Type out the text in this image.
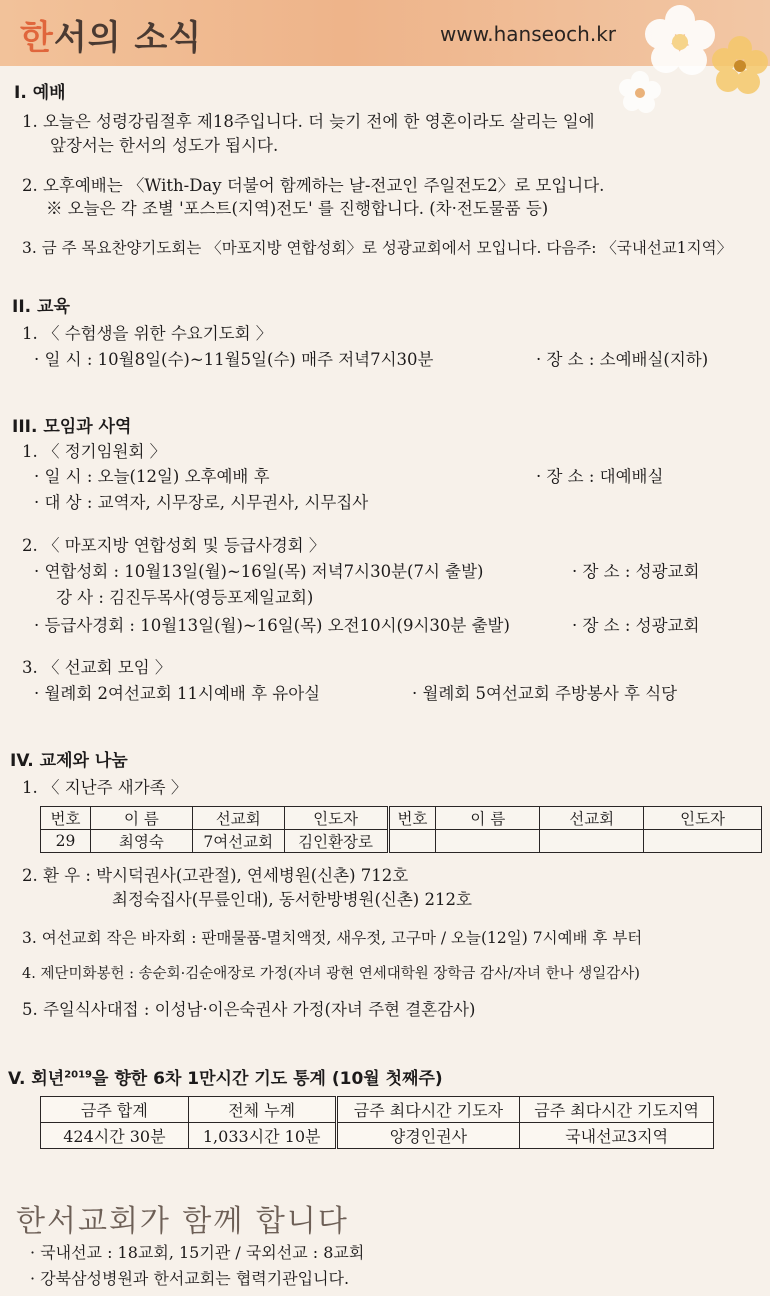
한서의 소식	www.hanseoch.kr
I. 예배
1. 오늘은 성령강림절후 제18주입니다. 더 늦기 전에 한 영혼이라도 살리는 일에
앞장서는 한서의 성도가 됩시다.
2. 오후예배는 〈With-Day 더불어 함께하는 날-전교인 주일전도2〉로 모입니다.
※ 오늘은 각 조별 '포스트(지역)전도' 를 진행합니다. (차·전도물품 등)
3. 금 주 목요찬양기도회는 〈마포지방 연합성회〉로 성광교회에서 모입니다. 다음주: 〈국내선교1지역〉
II. 교육
1. 〈 수험생을 위한 수요기도회 〉
· 일 시 : 10월8일(수)~11월5일(수) 매주 저녁7시30분	· 장 소 : 소예배실(지하)
III. 모임과 사역
1. 〈 정기임원회 〉
· 일 시 : 오늘(12일) 오후예배 후	· 장 소 : 대예배실
· 대 상 : 교역자, 시무장로, 시무권사, 시무집사
2. 〈 마포지방 연합성회 및 등급사경회 〉
· 연합성회 : 10월13일(월)~16일(목) 저녁7시30분(7시 출발)	· 장 소 : 성광교회
강 사 : 김진두목사(영등포제일교회)
· 등급사경회 : 10월13일(월)~16일(목) 오전10시(9시30분 출발)	· 장 소 : 성광교회
3. 〈 선교회 모임 〉
· 월례회 2여선교회 11시예배 후 유아실	· 월례회 5여선교회 주방봉사 후 식당
IV. 교제와 나눔
1. 〈 지난주 새가족 〉
번호	이 름	선교회	인도자	번호	이 름	선교회	인도자
29	최영숙	7여선교회	김인환장로				
2. 환 우 : 박시덕권사(고관절), 연세병원(신촌) 712호
최정숙집사(무릎인대), 동서한방병원(신촌) 212호
3. 여선교회 작은 바자회 : 판매물품-멸치액젓, 새우젓, 고구마 / 오늘(12일) 7시예배 후 부터
4. 제단미화봉헌 : 송순회·김순애장로 가정(자녀 광현 연세대학원 장학금 감사/자녀 한나 생일감사)
5. 주일식사대접 : 이성남·이은숙권사 가정(자녀 주현 결혼감사)
V. 회년$^{2019}$을 향한 6차 1만시간 기도 통계 (10월 첫째주)
금주 합계	전체 누계	금주 최다시간 기도자	금주 최다시간 기도지역
424시간 30분	1,033시간 10분	양경인권사	국내선교3지역
한서교회가 함께 합니다
· 국내선교 : 18교회, 15기관 / 국외선교 : 8교회
· 강북삼성병원과 한서교회는 협력기관입니다.
